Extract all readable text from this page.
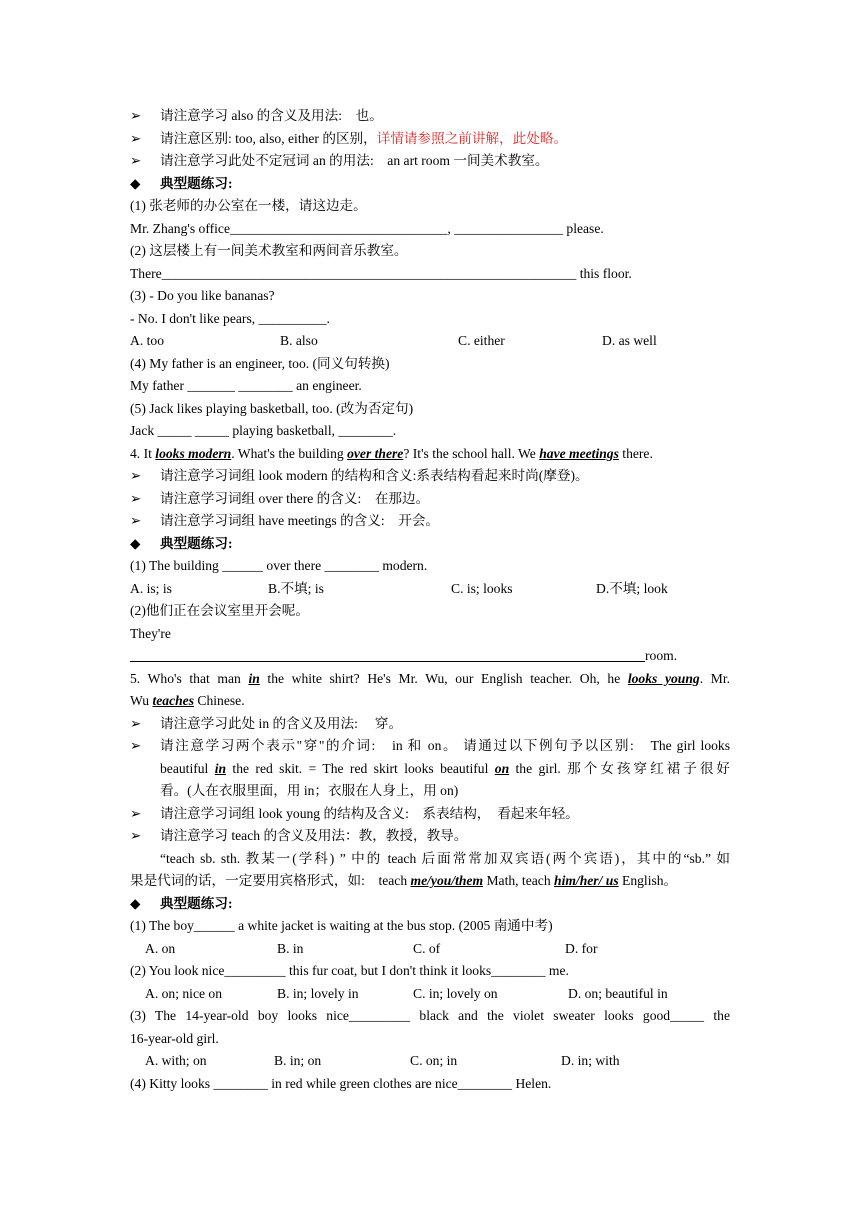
➢ 请注意学习 also 的含义及用法:　也。
➢ 请注意区别: too, also, either 的区别，详情请参照之前讲解，此处略。
➢ 请注意学习此处不定冠词 an 的用法:　an art room 一间美术教室。
◆ 典型题练习:
(1) 张老师的办公室在一楼，请这边走。
Mr. Zhang's office________________________________, ________________ please.
(2) 这层楼上有一间美术教室和两间音乐教室。
There_____________________________________________________________ this floor.
(3) - Do you like bananas?
- No. I don't like pears, __________.
A. too	B. also	C. either	D. as well
(4) My father is an engineer, too. (同义句转换)
My father _______ ________ an engineer.
(5) Jack likes playing basketball, too. (改为否定句)
Jack _____ _____ playing basketball, ________.
4. It looks modern. What's the building over there? It's the school hall. We have meetings there.
➢ 请注意学习词组 look modern 的结构和含义:系表结构看起来时尚(摩登)。
➢ 请注意学习词组 over there 的含义:　在那边。
➢ 请注意学习词组 have meetings 的含义:　开会。
◆ 典型题练习:
(1) The building ______ over there ________ modern.
A. is; is	B.不填; is	C. is; looks	D.不填; look
(2)他们正在会议室里开会呢。
They're
room.
5. Who's that man in the white shirt? He's Mr. Wu, our English teacher. Oh, he looks young. Mr.
Wu teaches Chinese.
➢ 请注意学习此处 in 的含义及用法:　 穿。
➢ 请注意学习两个表示"穿"的介词:　in 和 on。 请通过以下例句予以区别:　The girl looks
beautiful in the red skit. = The red skirt looks beautiful on the girl. 那个女孩穿红裙子很好
看。(人在衣服里面，用 in；衣服在人身上，用 on)
➢ 请注意学习词组 look young 的结构及含义:　系表结构，　看起来年轻。
➢ 请注意学习 teach 的含义及用法：教，教授，教导。
“teach sb. sth. 教某一(学科) ” 中的 teach 后面常常加双宾语(两个宾语)，其中的“sb.” 如
果是代词的话，一定要用宾格形式，如:　teach me/you/them Math, teach him/her/ us English。
◆ 典型题练习:
(1) The boy______ a white jacket is waiting at the bus stop. (2005 南通中考)
A. on	B. in	C. of	D. for
(2) You look nice_________ this fur coat, but I don't think it looks________ me.
A. on; nice on	B. in; lovely in	C. in; lovely on	D. on; beautiful in
(3) The 14-year-old boy looks nice_________ black and the violet sweater looks good_____ the
16-year-old girl.
A. with; on	B. in; on	C. on; in	D. in; with
(4) Kitty looks ________ in red while green clothes are nice________ Helen.
